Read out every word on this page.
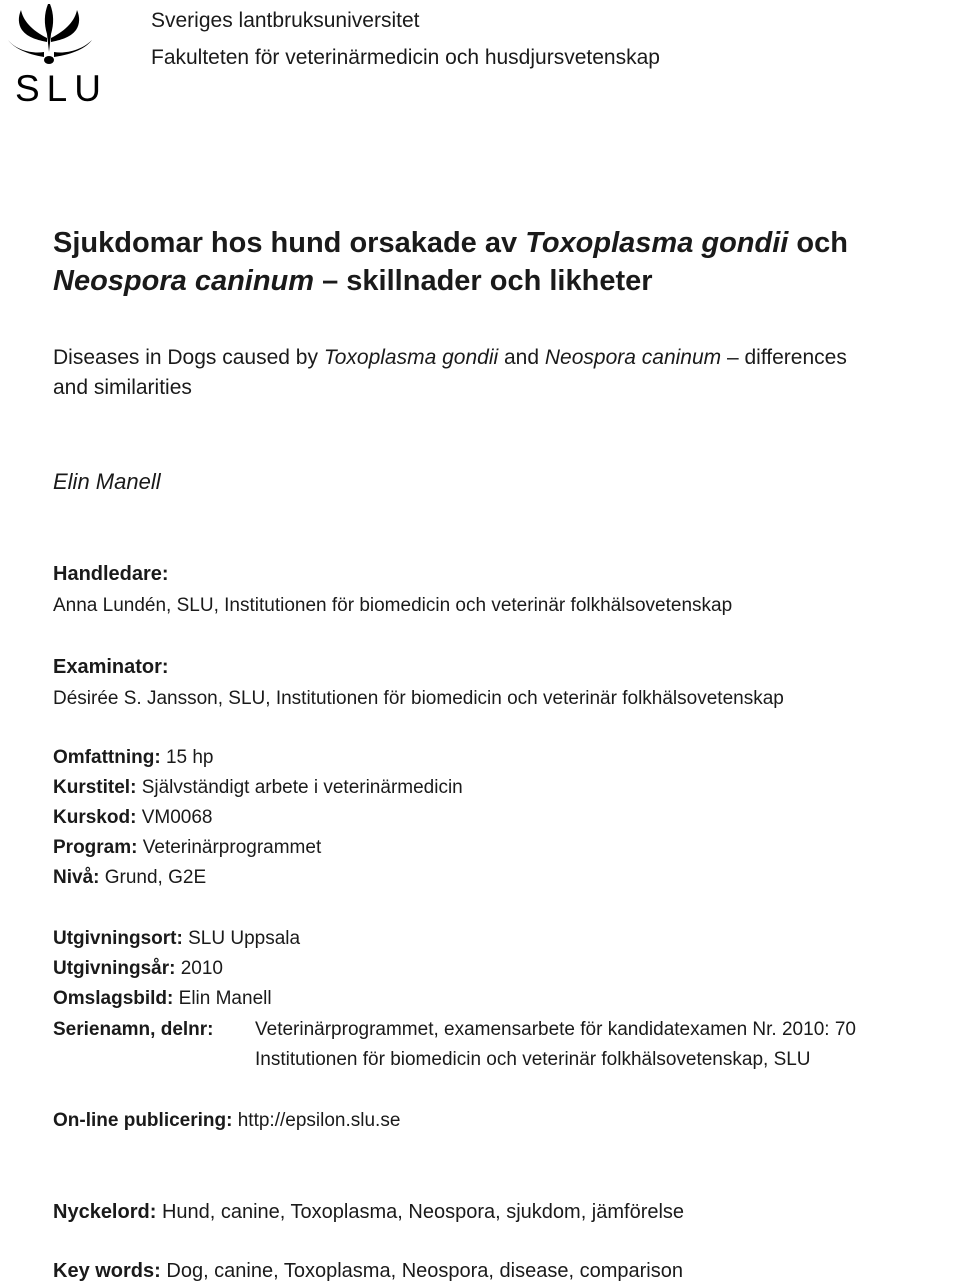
SLU
Sveriges lantbruksuniversitet
Fakulteten för veterinärmedicin och husdjursvetenskap
Sjukdomar hos hund orsakade av Toxoplasma gondii och
Neospora caninum – skillnader och likheter
Diseases in Dogs caused by Toxoplasma gondii and Neospora caninum – differences
and similarities
Elin Manell
Handledare:
Anna Lundén, SLU, Institutionen för biomedicin och veterinär folkhälsovetenskap
Examinator:
Désirée S. Jansson, SLU, Institutionen för biomedicin och veterinär folkhälsovetenskap
Omfattning: 15 hp
Kurstitel: Självständigt arbete i veterinärmedicin
Kurskod: VM0068
Program: Veterinärprogrammet
Nivå: Grund, G2E
Utgivningsort: SLU Uppsala
Utgivningsår: 2010
Omslagsbild: Elin Manell
Serienamn, delnr: Veterinärprogrammet, examensarbete för kandidatexamen Nr. 2010: 70
Institutionen för biomedicin och veterinär folkhälsovetenskap, SLU
On-line publicering: http://epsilon.slu.se
Nyckelord: Hund, canine, Toxoplasma, Neospora, sjukdom, jämförelse
Key words: Dog, canine, Toxoplasma, Neospora, disease, comparison
